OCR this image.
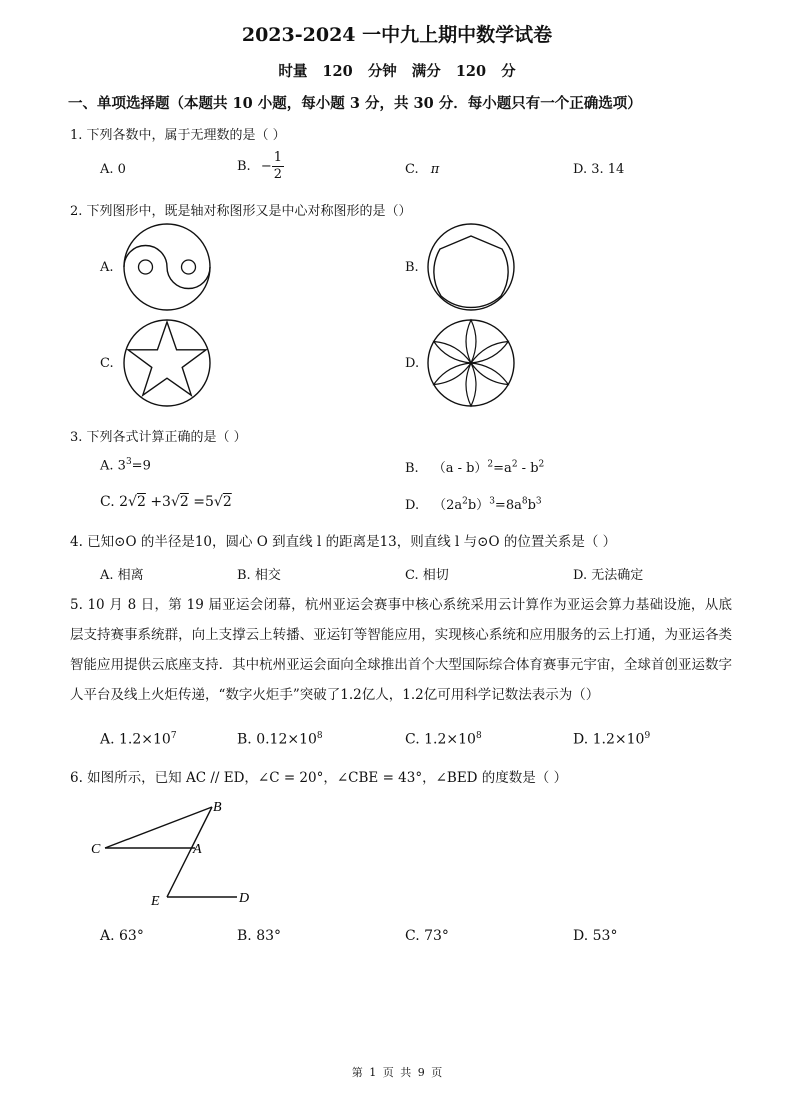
2023-2024 一中九上期中数学试卷
时量 120 分钟 满分 120 分
一、单项选择题（本题共 10 小题，每小题 3 分，共 30 分．每小题只有一个正确选项）
1. 下列各数中，属于无理数的是（ ）
A. 0	B. − $\frac{1}{2}$	C. π	D. 3. 14
2. 下列图形中，既是轴对称图形又是中心对称图形的是（）
A.	B.
C.	D.
3. 下列各式计算正确的是（ ）
A. $3^3=9$	B. $(a - b)^2=a^2 - b^2$
C. 2√2 +3√2 =5√2	D. $(2a^2b)^3=8a^8b^3$
4. 已知⊙O 的半径是10，圆心 O 到直线 l 的距离是13，则直线 l 与⊙O 的位置关系是（ ）
A. 相离	B. 相交	C. 相切	D. 无法确定
5. 10 月 8 日，第 19 届亚运会闭幕，杭州亚运会赛事中核心系统采用云计算作为亚运会算力基础设施，从底层支持赛事系统群，向上支撑云上转播、亚运钉等智能应用，实现核心系统和应用服务的云上打通，为亚运各类智能应用提供云底座支持．其中杭州亚运会面向全球推出首个大型国际综合体育赛事元宇宙，全球首创亚运数字人平台及线上火炬传递，“数字火炬手”突破了1.2亿人，1.2亿可用科学记数法表示为（）
A. $1.2\times 10^7$	B. $0.12\times 10^8$	C. $1.2\times 10^8$	D. $1.2\times 10^9$
6. 如图所示，已知 AC // ED，∠C = 20°，∠CBE = 43°，∠BED 的度数是（ ）
B
C	A
E	D
A. 63°	B. 83°	C. 73°	D. 53°
第 1 页 共 9 页
